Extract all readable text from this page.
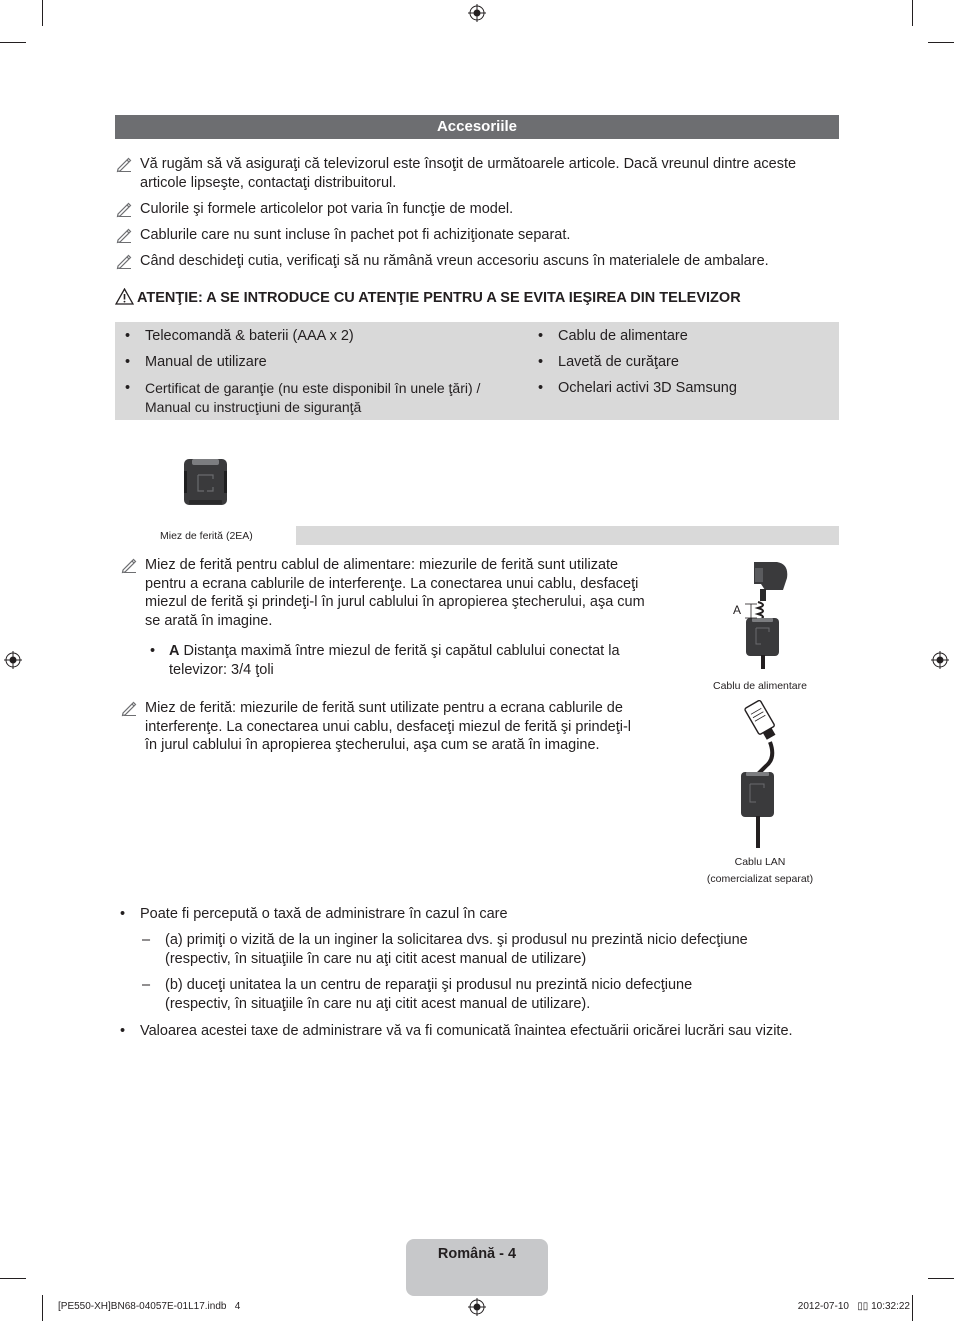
Accesoriile
Vă rugăm să vă asiguraţi că televizorul este însoţit de următoarele articole. Dacă vreunul dintre aceste
articole lipseşte, contactaţi distribuitorul.
Culorile şi formele articolelor pot varia în funcţie de model.
Cablurile care nu sunt incluse în pachet pot fi achiziţionate separat.
Când deschideţi cutia, verificaţi să nu rămână vreun accesoriu ascuns în materialele de ambalare.
ATENŢIE: A SE INTRODUCE CU ATENŢIE PENTRU A SE EVITA IEŞIREA DIN TELEVIZOR
• Telecomandă & baterii (AAA x 2)
• Manual de utilizare
• Certificat de garanţie (nu este disponibil în unele ţări) /
Manual cu instrucţiuni de siguranţă
• Cablu de alimentare
• Lavetă de curăţare
• Ochelari activi 3D Samsung
Miez de ferită (2EA)
Miez de ferită pentru cablul de alimentare: miezurile de ferită sunt utilizate
pentru a ecrana cablurile de interferenţe. La conectarea unui cablu, desfaceţi
miezul de ferită şi prindeţi-l în jurul cablului în apropierea ştecherului, aşa cum
se arată în imagine.
• A Distanţa maximă între miezul de ferită şi capătul cablului conectat la
televizor: 3/4 ţoli
Miez de ferită: miezurile de ferită sunt utilizate pentru a ecrana cablurile de
interferenţe. La conectarea unui cablu, desfaceţi miezul de ferită şi prindeţi-l
în jurul cablului în apropierea ştecherului, aşa cum se arată în imagine.
A
Cablu de alimentare
Cablu LAN
(comercializat separat)
• Poate fi percepută o taxă de administrare în cazul în care
– (a) primiţi o vizită de la un inginer la solicitarea dvs. şi produsul nu prezintă nicio defecţiune
(respectiv, în situaţiile în care nu aţi citit acest manual de utilizare)
– (b) duceţi unitatea la un centru de reparaţii şi produsul nu prezintă nicio defecţiune
(respectiv, în situaţiile în care nu aţi citit acest manual de utilizare).
• Valoarea acestei taxe de administrare vă va fi comunicată înaintea efectuării oricărei lucrări sau vizite.
Română - 4
[PE550-XH]BN68-04057E-01L17.indb   4	2012-07-10   ▯▯ 10:32:22
